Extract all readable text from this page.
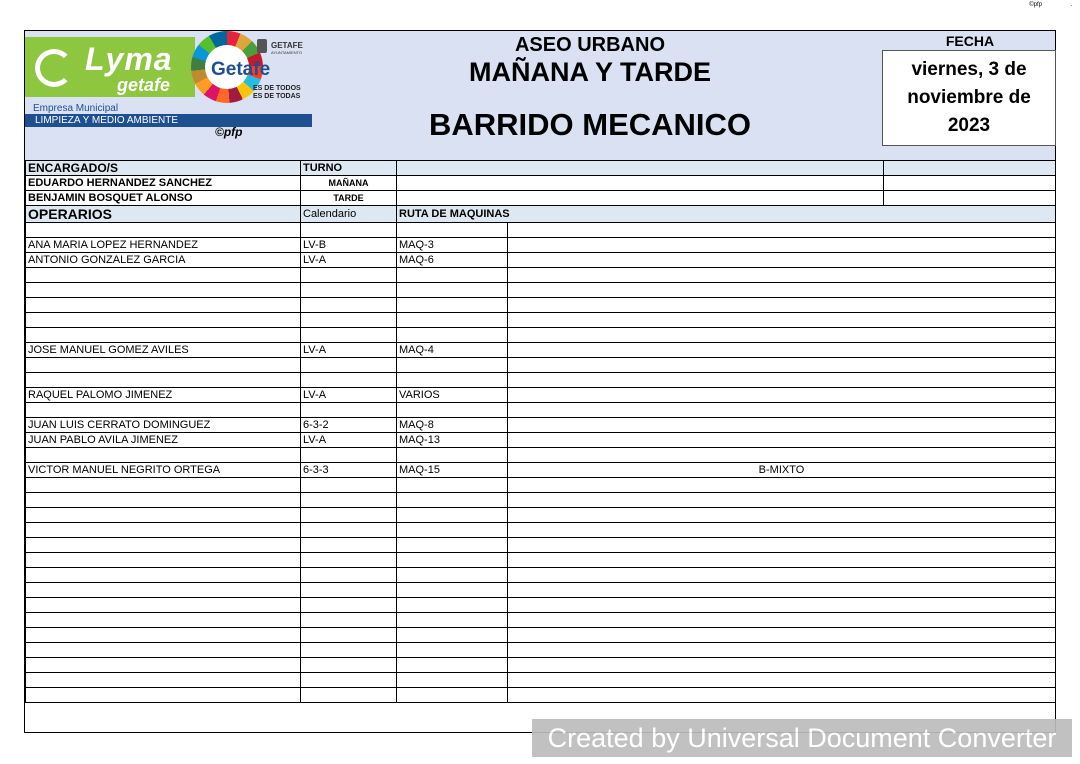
©pfp	.
Lyma
getafe
Getafe
GETAFE
AYUNTAMIENTO
ES DE TODOS
ES DE TODAS
Empresa Municipal
LIMPIEZA Y MEDIO AMBIENTE
©pfp
ASEO URBANO
MAÑANA Y TARDE
BARRIDO MECANICO
FECHA
viernes, 3 de noviembre de 2023
ENCARGADO/S	TURNO			
EDUARDO HERNANDEZ SANCHEZ	MAÑANA			
BENJAMIN BOSQUET ALONSO	TARDE			
OPERARIOS	Calendario	RUTA DE MAQUINAS		

ANA MARIA LOPEZ HERNANDEZ	LV-B	MAQ-3		
ANTONIO GONZALEZ GARCIA	LV-A	MAQ-6		

JOSE MANUEL GOMEZ AVILES	LV-A	MAQ-4		

RAQUEL PALOMO JIMENEZ	LV-A	VARIOS		

JUAN LUIS CERRATO DOMINGUEZ	6-3-2	MAQ-8		
JUAN PABLO AVILA JIMENEZ	LV-A	MAQ-13		

VICTOR MANUEL NEGRITO ORTEGA	6-3-3	MAQ-15	B-MIXTO	

Created by Universal Document Converter
